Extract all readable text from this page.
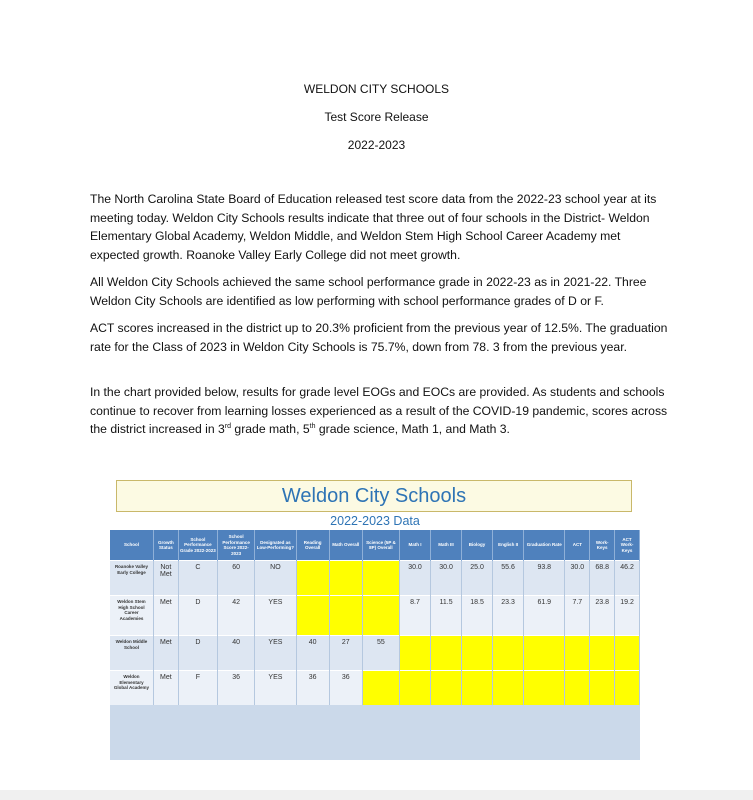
WELDON CITY SCHOOLS
Test Score Release
2022-2023

The North Carolina State Board of Education released test score data from the 2022-23 school year at its meeting today. Weldon City Schools results indicate that three out of four schools in the District- Weldon Elementary Global Academy, Weldon Middle, and Weldon Stem High School Career Academy met expected growth. Roanoke Valley Early College did not meet growth.

All Weldon City Schools achieved the same school performance grade in 2022-23 as in 2021-22. Three Weldon City Schools are identified as low performing with school performance grades of D or F.

ACT scores increased in the district up to 20.3% proficient from the previous year of 12.5%. The graduation rate for the Class of 2023 in Weldon City Schools is 75.7%, down from 78. 3 from the previous year.

In the chart provided below, results for grade level EOGs and EOCs are provided. As students and schools continue to recover from learning losses experienced as a result of the COVID-19 pandemic, scores across the district increased in 3rd grade math, 5th grade science, Math 1, and Math 3.

Weldon City Schools
2022-2023 Data
School	Growth Status	School Performance Grade 2022-2023	School Performance Score 2022-2023	Designated as Low-Performing?	Reading Overall	Math Overall	Science (5P & 8P) Overall	Math I	Math III	Biology	English II	Graduation Rate	ACT	Work-Keys	ACT Work-Keys
Roanoke Valley Early College	Not Met	C	60	NO				30.0	30.0	25.0	55.6	93.8	30.0	68.8	46.2
Weldon Stem High School Career Academies	Met	D	42	YES				8.7	11.5	18.5	23.3	61.9	7.7	23.8	19.2
Weldon Middle School	Met	D	40	YES	40	27	55								
Weldon Elementary Global Academy	Met	F	36	YES	36	36									
